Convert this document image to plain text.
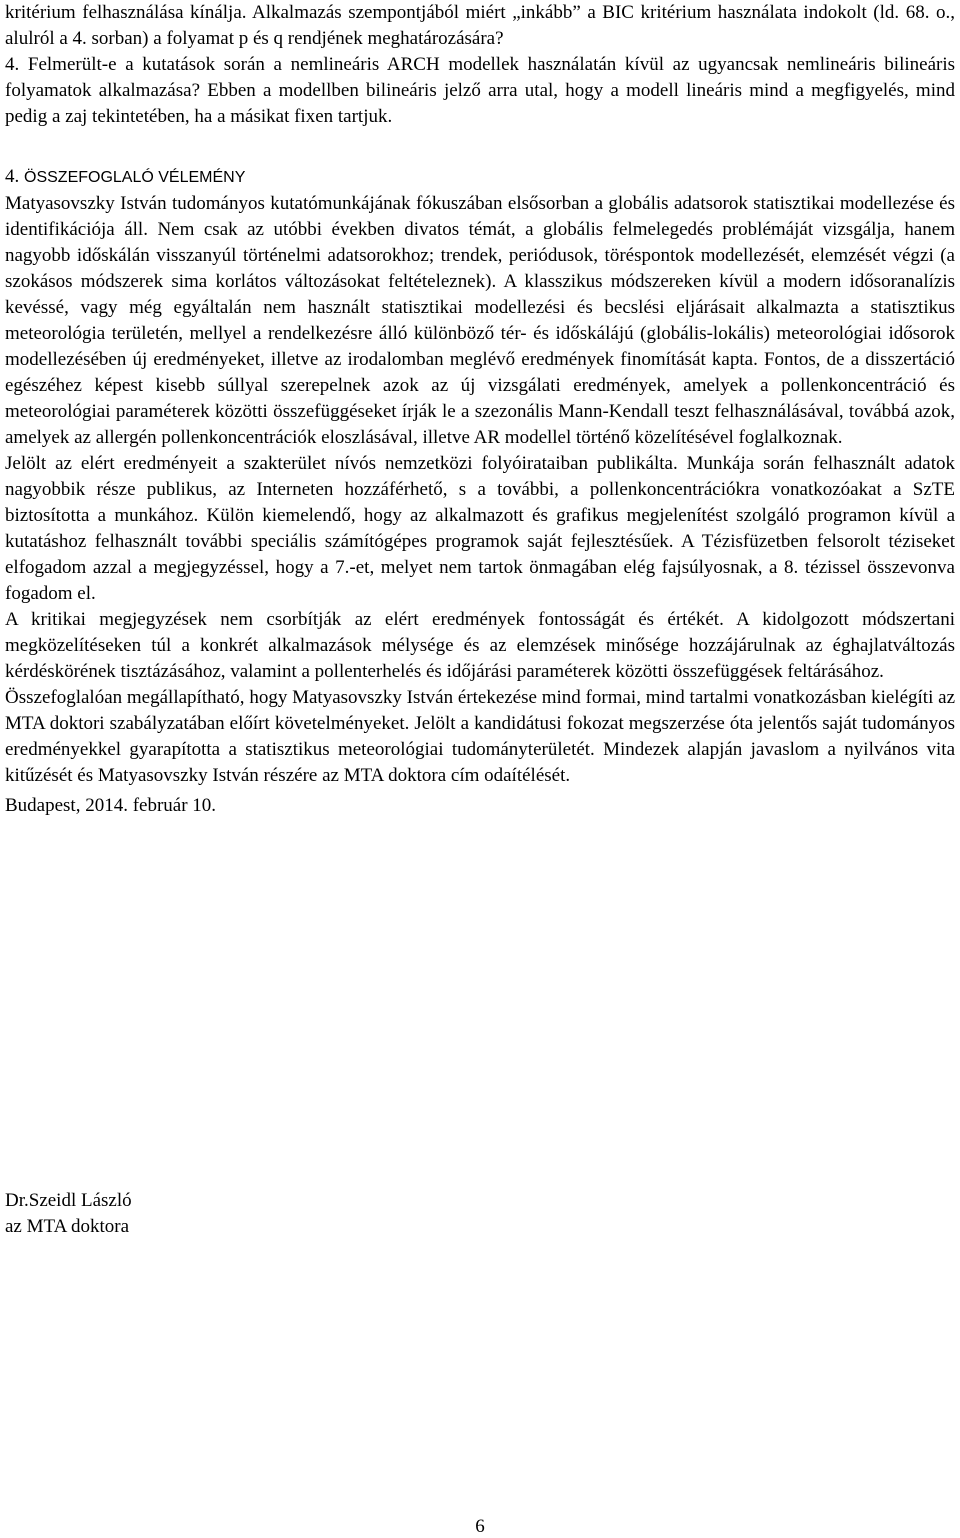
kritérium felhasználása kínálja. Alkalmazás szempontjából miért „inkább” a BIC kritérium használata indokolt (ld. 68. o., alulról a 4. sorban) a folyamat p és q rendjének meghatározására?

4. Felmerült-e a kutatások során a nemlineáris ARCH modellek használatán kívül az ugyancsak nemlineáris bilineáris folyamatok alkalmazása? Ebben a modellben bilineáris jelző arra utal, hogy a modell lineáris mind a megfigyelés, mind pedig a zaj tekintetében, ha a másikat fixen tartjuk.

4. ÖSSZEFOGLALÓ VÉLEMÉNY

Matyasovszky István tudományos kutatómunkájának fókuszában elsősorban a globális adatsorok statisztikai modellezése és identifikációja áll. Nem csak az utóbbi években divatos témát, a globális felmelegedés problémáját vizsgálja, hanem nagyobb időskálán visszanyúl történelmi adatsorokhoz; trendek, periódusok, töréspontok modellezését, elemzését végzi (a szokásos módszerek sima korlátos változásokat feltételeznek). A klasszikus módszereken kívül a modern idősoranalízis kevéssé, vagy még egyáltalán nem használt statisztikai modellezési és becslési eljárásait alkalmazta a statisztikus meteorológia területén, mellyel a rendelkezésre álló különböző tér- és időskálájú (globális-lokális) meteorológiai idősorok modellezésében új eredményeket, illetve az irodalomban meglévő eredmények finomítását kapta. Fontos, de a disszertáció egészéhez képest kisebb súllyal szerepelnek azok az új vizsgálati eredmények, amelyek a pollenkoncentráció és meteorológiai paraméterek közötti összefüggéseket írják le a szezonális Mann-Kendall teszt felhasználásával, továbbá azok, amelyek az allergén pollenkoncentrációk eloszlásával, illetve AR modellel történő közelítésével foglalkoznak.

Jelölt az elért eredményeit a szakterület nívós nemzetközi folyóirataiban publikálta. Munkája során felhasznált adatok nagyobbik része publikus, az Interneten hozzáférhető, s a további, a pollenkoncentrációkra vonatkozóakat a SzTE biztosította a munkához. Külön kiemelendő, hogy az alkalmazott és grafikus megjelenítést szolgáló programon kívül a kutatáshoz felhasznált további speciális számítógépes programok saját fejlesztésűek. A Tézisfüzetben felsorolt téziseket elfogadom azzal a megjegyzéssel, hogy a 7.-et, melyet nem tartok önmagában elég fajsúlyosnak, a 8. tézissel összevonva fogadom el.

A kritikai megjegyzések nem csorbítják az elért eredmények fontosságát és értékét. A kidolgozott módszertani megközelítéseken túl a konkrét alkalmazások mélysége és az elemzések minősége hozzájárulnak az éghajlatváltozás kérdéskörének tisztázásához, valamint a pollenterhelés és időjárási paraméterek közötti összefüggések feltárásához.

Összefoglalóan megállapítható, hogy Matyasovszky István értekezése mind formai, mind tartalmi vonatkozásban kielégíti az MTA doktori szabályzatában előírt követelményeket. Jelölt a kandidátusi fokozat megszerzése óta jelentős saját tudományos eredményekkel gyarapította a statisztikus meteorológiai tudományterületét. Mindezek alapján javaslom a nyilvános vita kitűzését és Matyasovszky István részére az MTA doktora cím odaítélését.

Budapest, 2014. február 10.

Dr.Szeidl László
az MTA doktora
6
